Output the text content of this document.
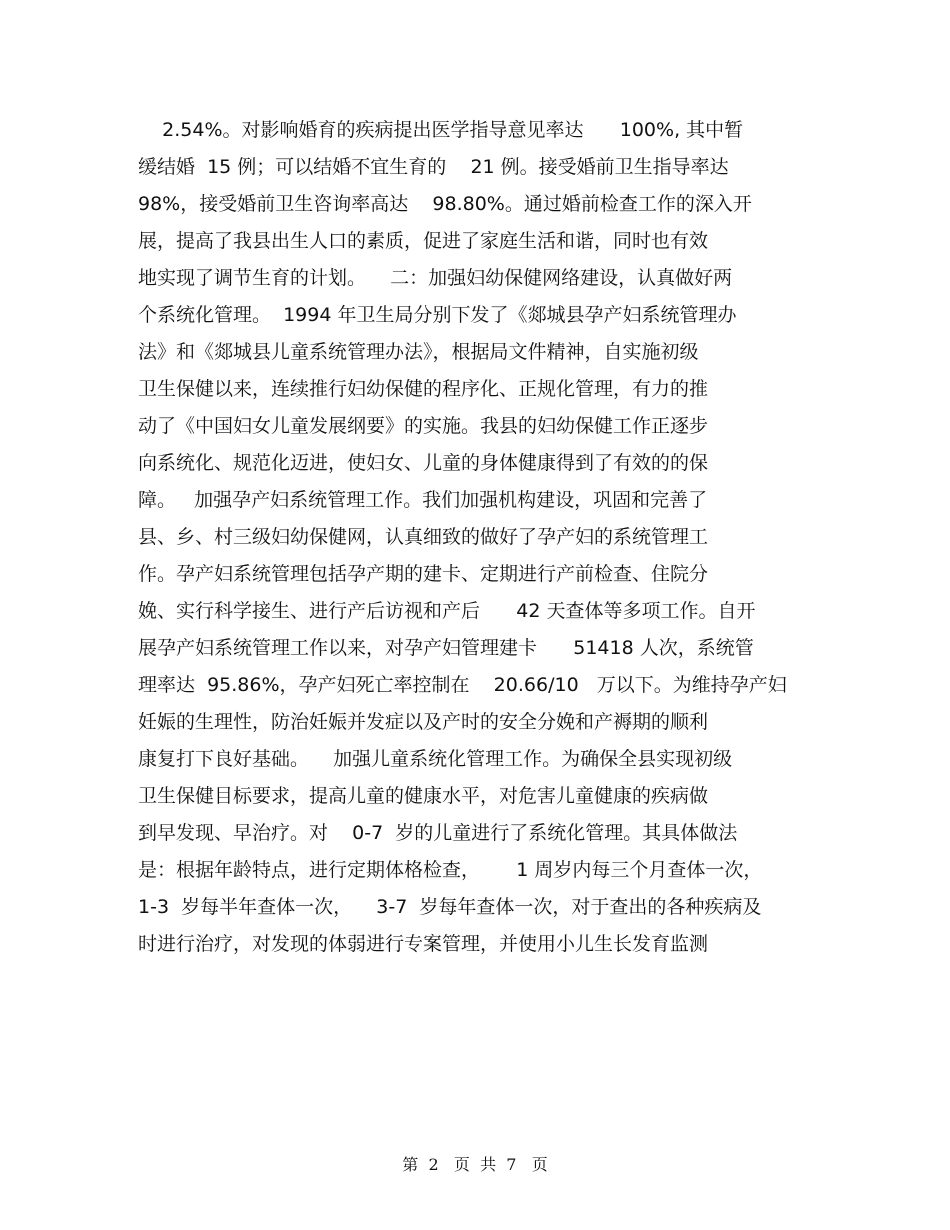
2.54%。对影响婚育的疾病提出医学指导意见率达      100%, 其中暂
缓结婚  15 例；可以结婚不宜生育的    21 例。接受婚前卫生指导率达
98%，接受婚前卫生咨询率高达    98.80%。通过婚前检查工作的深入开
展，提高了我县出生人口的素质，促进了家庭生活和谐，同时也有效
地实现了调节生育的计划。    二：加强妇幼保健网络建设，认真做好两
个系统化管理。  1994 年卫生局分别下发了《郯城县孕产妇系统管理办
法》和《郯城县儿童系统管理办法》，根据局文件精神，自实施初级
卫生保健以来，连续推行妇幼保健的程序化、正规化管理，有力的推
动了《中国妇女儿童发展纲要》的实施。我县的妇幼保健工作正逐步
向系统化、规范化迈进，使妇女、儿童的身体健康得到了有效的的保
障。   加强孕产妇系统管理工作。我们加强机构建设，巩固和完善了
县、乡、村三级妇幼保健网，认真细致的做好了孕产妇的系统管理工
作。孕产妇系统管理包括孕产期的建卡、定期进行产前检查、住院分
娩、实行科学接生、进行产后访视和产后      42 天查体等多项工作。自开
展孕产妇系统管理工作以来，对孕产妇管理建卡      51418 人次，系统管
理率达  95.86%，孕产妇死亡率控制在    20.66/10   万以下。为维持孕产妇
妊娠的生理性，防治妊娠并发症以及产时的安全分娩和产褥期的顺利
康复打下良好基础。    加强儿童系统化管理工作。为确保全县实现初级
卫生保健目标要求，提高儿童的健康水平，对危害儿童健康的疾病做
到早发现、早治疗。对    0-7  岁的儿童进行了系统化管理。其具体做法
是：根据年龄特点，进行定期体格检查，      1 周岁内每三个月查体一次，
1-3  岁每半年查体一次，    3-7  岁每年查体一次，对于查出的各种疾病及
时进行治疗，对发现的体弱进行专案管理，并使用小儿生长发育监测
第  2   页  共  7   页
